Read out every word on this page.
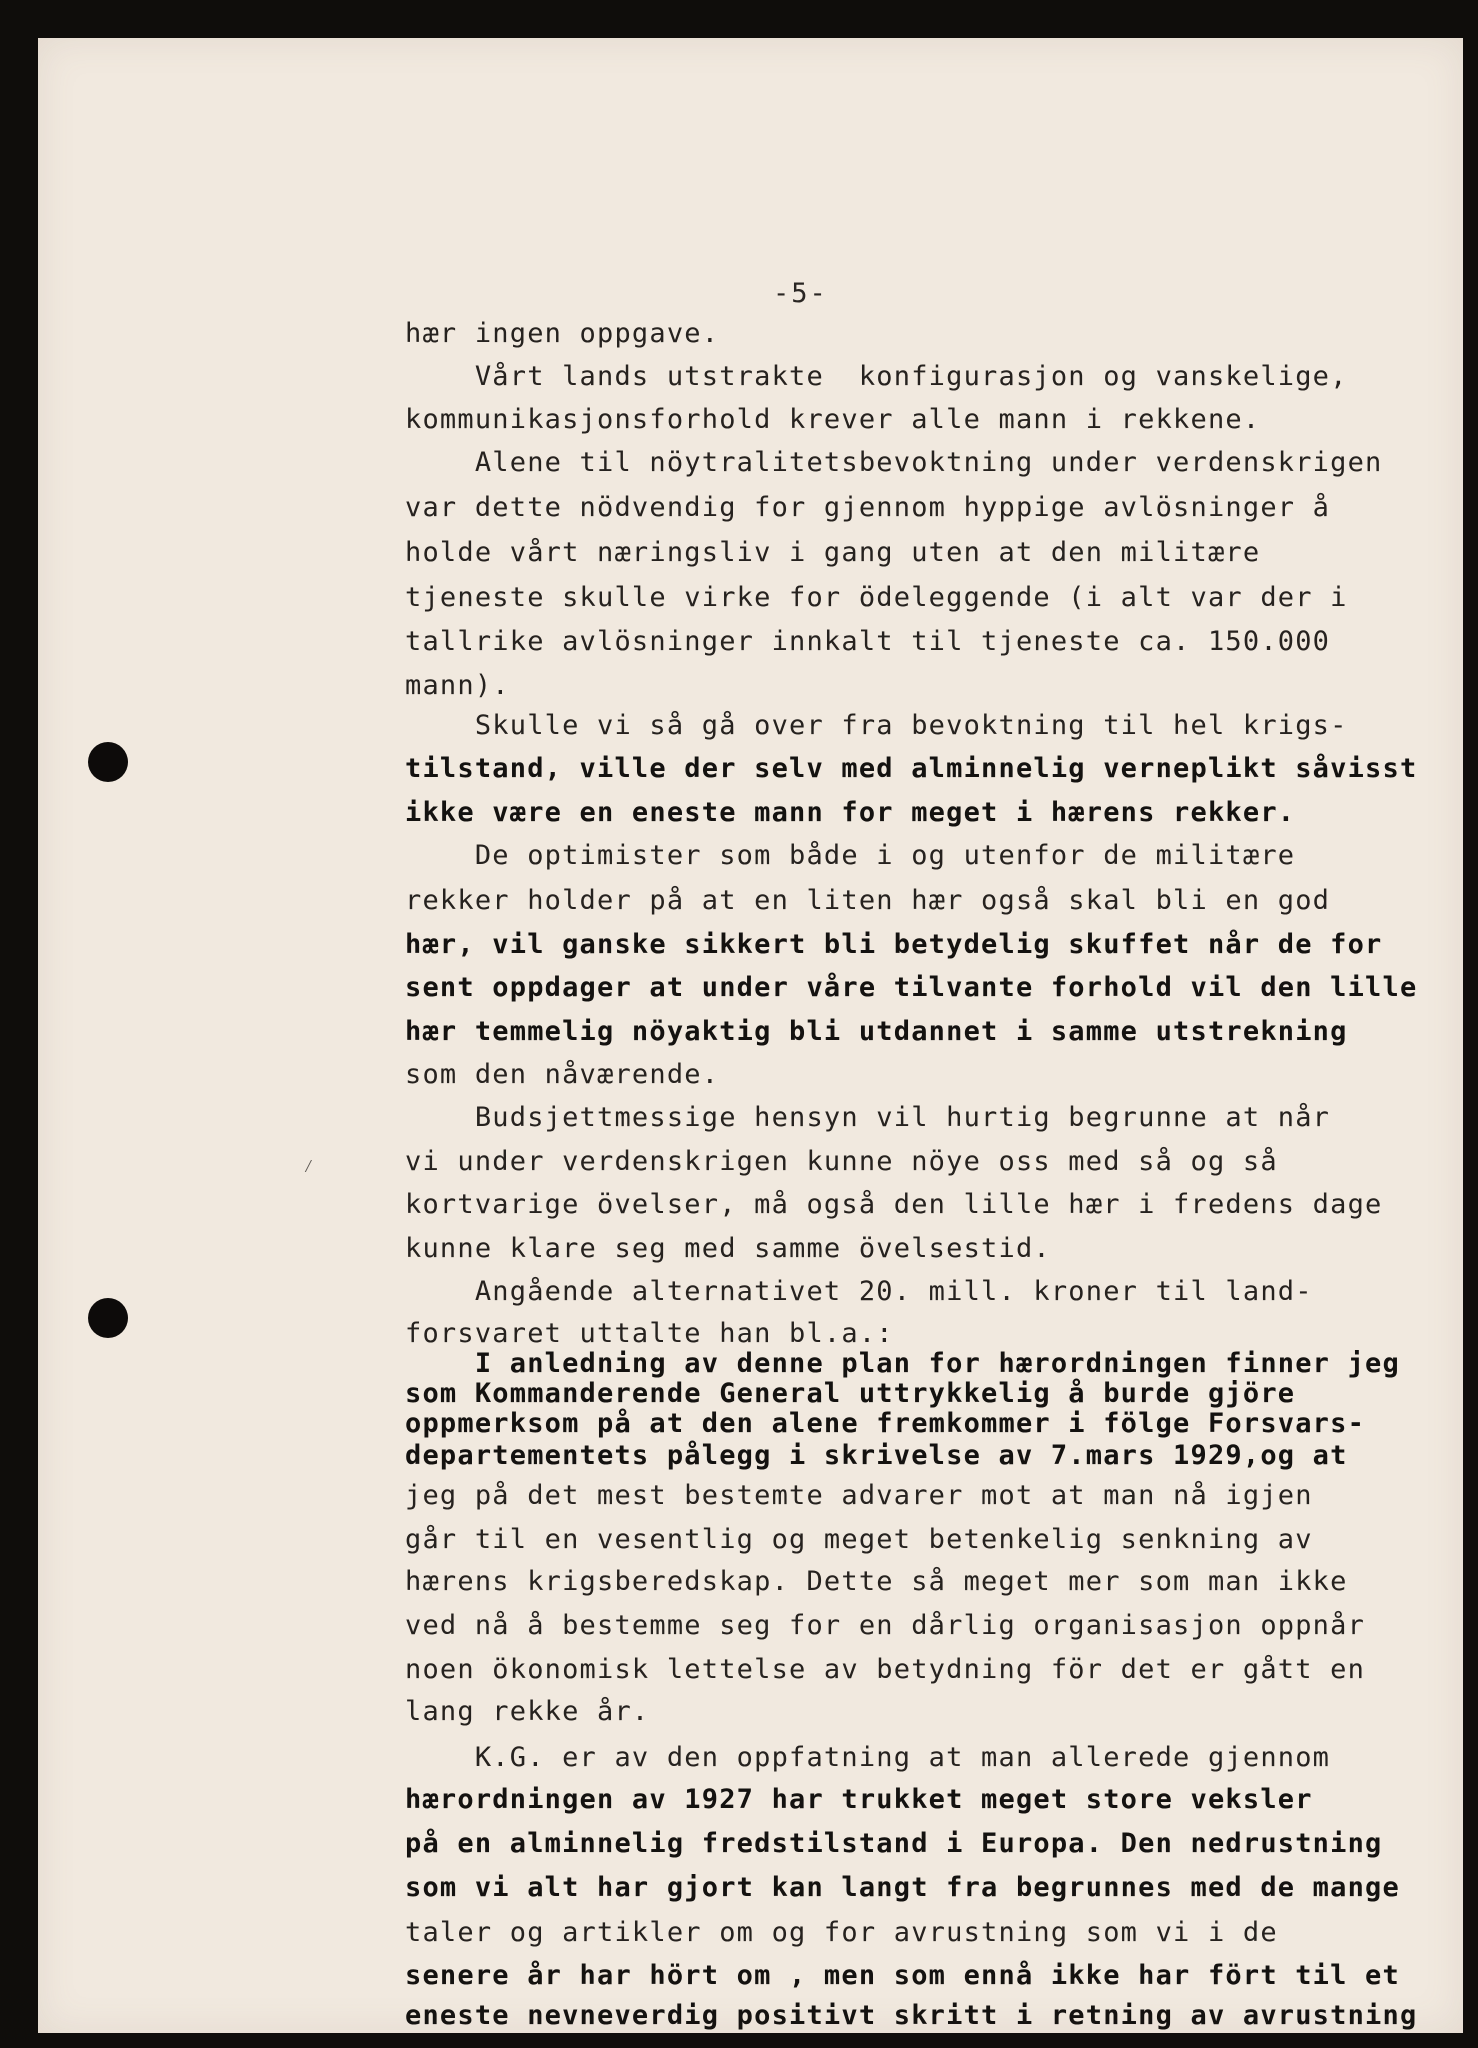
⁄
-5-
hær ingen oppgave.
Vårt lands utstrakte  konfigurasjon og vanskelige,
kommunikasjonsforhold krever alle mann i rekkene.
Alene til nöytralitetsbevoktning under verdenskrigen
var dette nödvendig for gjennom hyppige avlösninger å
holde vårt næringsliv i gang uten at den militære
tjeneste skulle virke for ödeleggende (i alt var der i
tallrike avlösninger innkalt til tjeneste ca. 150.000
mann).
Skulle vi så gå over fra bevoktning til hel krigs-
tilstand, ville der selv med alminnelig verneplikt såvisst
ikke være en eneste mann for meget i hærens rekker.
De optimister som både i og utenfor de militære
rekker holder på at en liten hær også skal bli en god
hær, vil ganske sikkert bli betydelig skuffet når de for
sent oppdager at under våre tilvante forhold vil den lille
hær temmelig nöyaktig bli utdannet i samme utstrekning
som den nåværende.
Budsjettmessige hensyn vil hurtig begrunne at når
vi under verdenskrigen kunne nöye oss med så og så
kortvarige övelser, må også den lille hær i fredens dage
kunne klare seg med samme övelsestid.
Angående alternativet 20. mill. kroner til land-
forsvaret uttalte han bl.a.:
I anledning av denne plan for hærordningen finner jeg
som Kommanderende General uttrykkelig å burde gjöre
oppmerksom på at den alene fremkommer i fölge Forsvars-
departementets pålegg i skrivelse av 7.mars 1929,og at
jeg på det mest bestemte advarer mot at man nå igjen
går til en vesentlig og meget betenkelig senkning av
hærens krigsberedskap. Dette så meget mer som man ikke
ved nå å bestemme seg for en dårlig organisasjon oppnår
noen ökonomisk lettelse av betydning för det er gått en
lang rekke år.
K.G. er av den oppfatning at man allerede gjennom
hærordningen av 1927 har trukket meget store veksler
på en alminnelig fredstilstand i Europa. Den nedrustning
som vi alt har gjort kan langt fra begrunnes med de mange
taler og artikler om og for avrustning som vi i de
senere år har hört om , men som ennå ikke har fört til et
eneste nevneverdig positivt skritt i retning av avrustning
